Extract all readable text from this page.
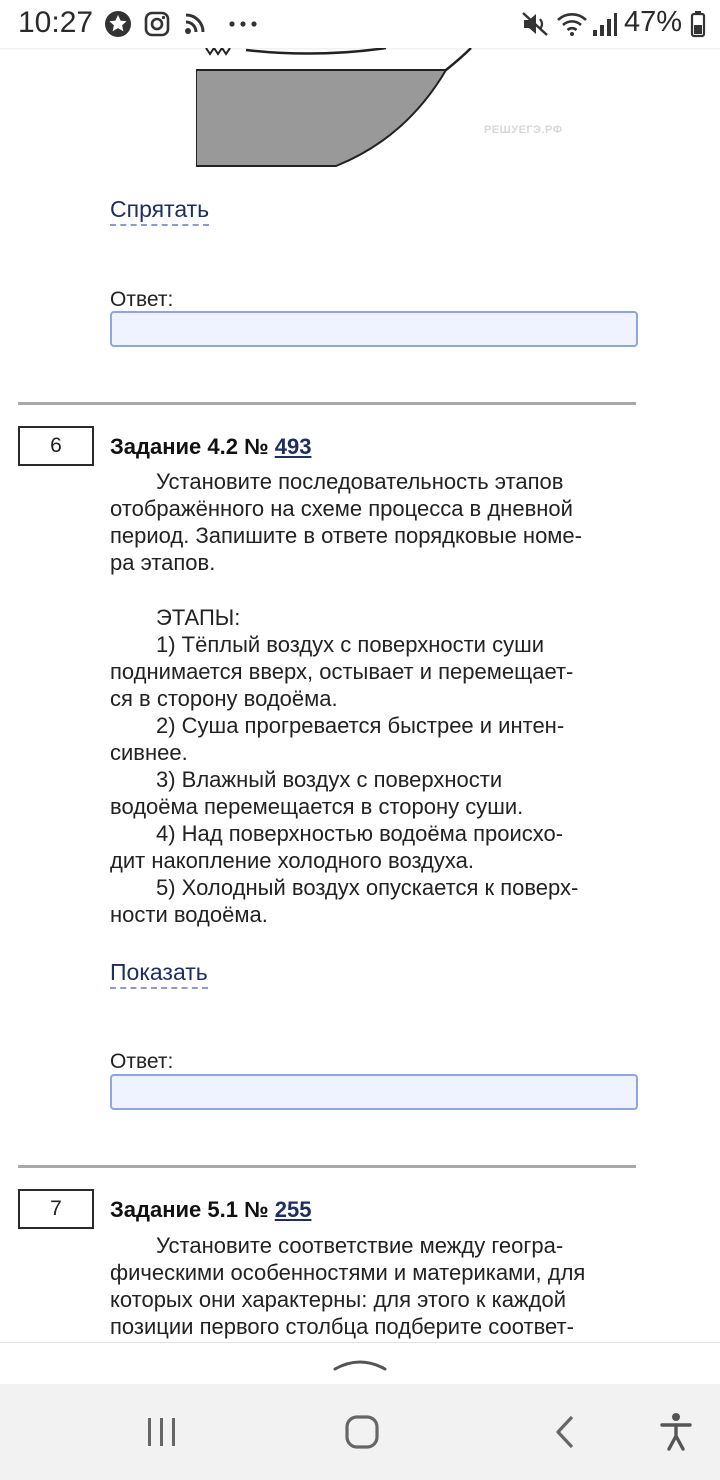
10:27	47%
РЕШУЕГЭ.РФ
Спрятать
Ответ:
6	Задание 4.2 № 493
Установите последовательность этапов
отображённого на схеме процесса в дневной
период. Запишите в ответе порядковые номе-
ра этапов.
ЭТАПЫ:
1) Тёплый воздух с поверхности суши
поднимается вверх, остывает и перемещает-
ся в сторону водоёма.
2) Суша прогревается быстрее и интен-
сивнее.
3) Влажный воздух с поверхности
водоёма перемещается в сторону суши.
4) Над поверхностью водоёма происхо-
дит накопление холодного воздуха.
5) Холодный воздух опускается к поверх-
ности водоёма.
Показать
Ответ:
7	Задание 5.1 № 255
Установите соответствие между геогра-
фическими особенностями и материками, для
которых они характерны: для этого к каждой
позиции первого столбца подберите соответ-
